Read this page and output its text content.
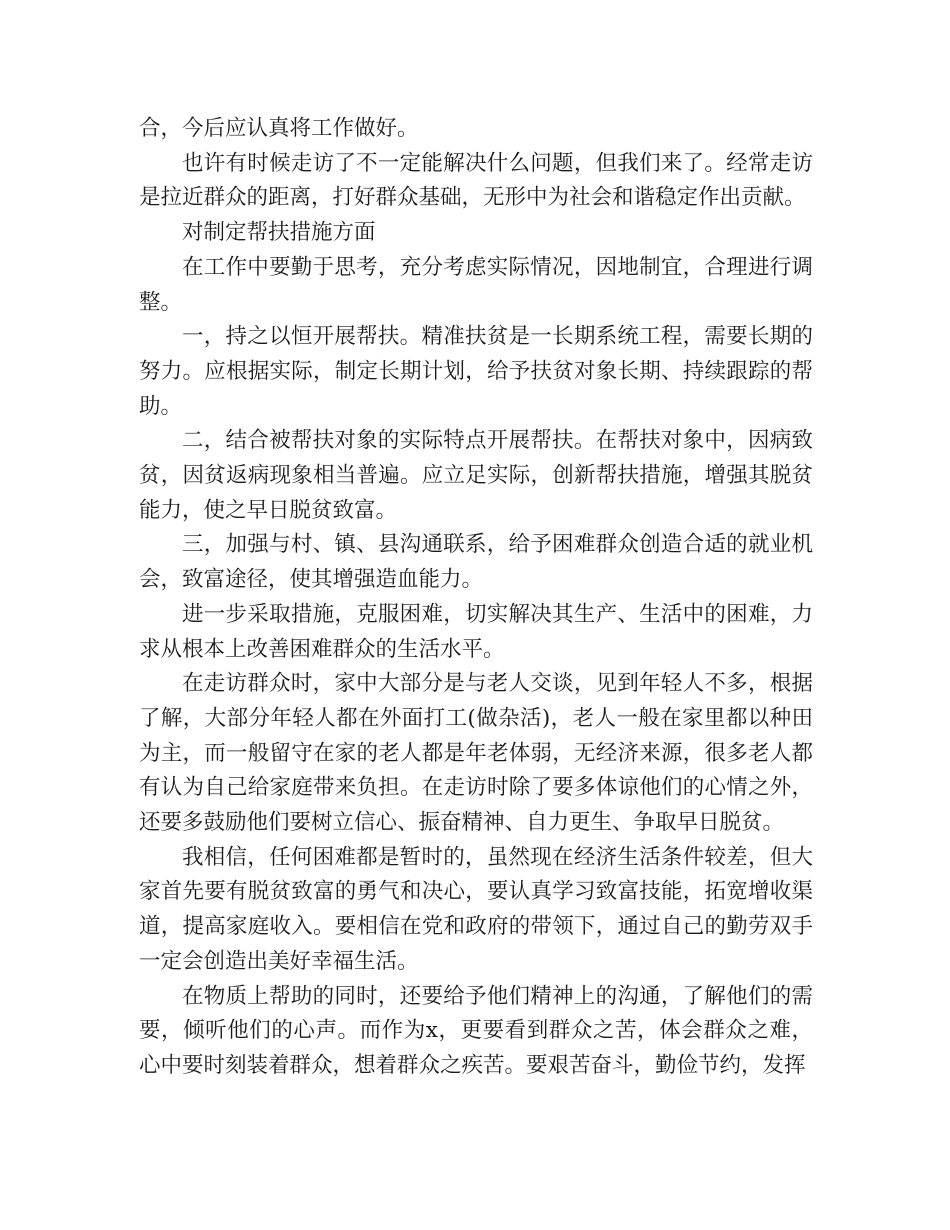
合，今后应认真将工作做好。

也许有时候走访了不一定能解决什么问题，但我们来了。经常走访是拉近群众的距离，打好群众基础，无形中为社会和谐稳定作出贡献。

对制定帮扶措施方面

在工作中要勤于思考，充分考虑实际情况，因地制宜，合理进行调整。

一，持之以恒开展帮扶。精准扶贫是一长期系统工程，需要长期的努力。应根据实际，制定长期计划，给予扶贫对象长期、持续跟踪的帮助。

二，结合被帮扶对象的实际特点开展帮扶。在帮扶对象中，因病致贫，因贫返病现象相当普遍。应立足实际，创新帮扶措施，增强其脱贫能力，使之早日脱贫致富。

三，加强与村、镇、县沟通联系，给予困难群众创造合适的就业机会，致富途径，使其增强造血能力。

进一步采取措施，克服困难，切实解决其生产、生活中的困难，力求从根本上改善困难群众的生活水平。

在走访群众时，家中大部分是与老人交谈，见到年轻人不多，根据了解，大部分年轻人都在外面打工(做杂活)，老人一般在家里都以种田为主，而一般留守在家的老人都是年老体弱，无经济来源，很多老人都有认为自己给家庭带来负担。在走访时除了要多体谅他们的心情之外，还要多鼓励他们要树立信心、振奋精神、自力更生、争取早日脱贫。

我相信，任何困难都是暂时的，虽然现在经济生活条件较差，但大家首先要有脱贫致富的勇气和决心，要认真学习致富技能，拓宽增收渠道，提高家庭收入。要相信在党和政府的带领下，通过自己的勤劳双手一定会创造出美好幸福生活。

在物质上帮助的同时，还要给予他们精神上的沟通，了解他们的需要，倾听他们的心声。而作为x，更要看到群众之苦，体会群众之难，心中要时刻装着群众，想着群众之疾苦。要艰苦奋斗，勤俭节约，发挥
